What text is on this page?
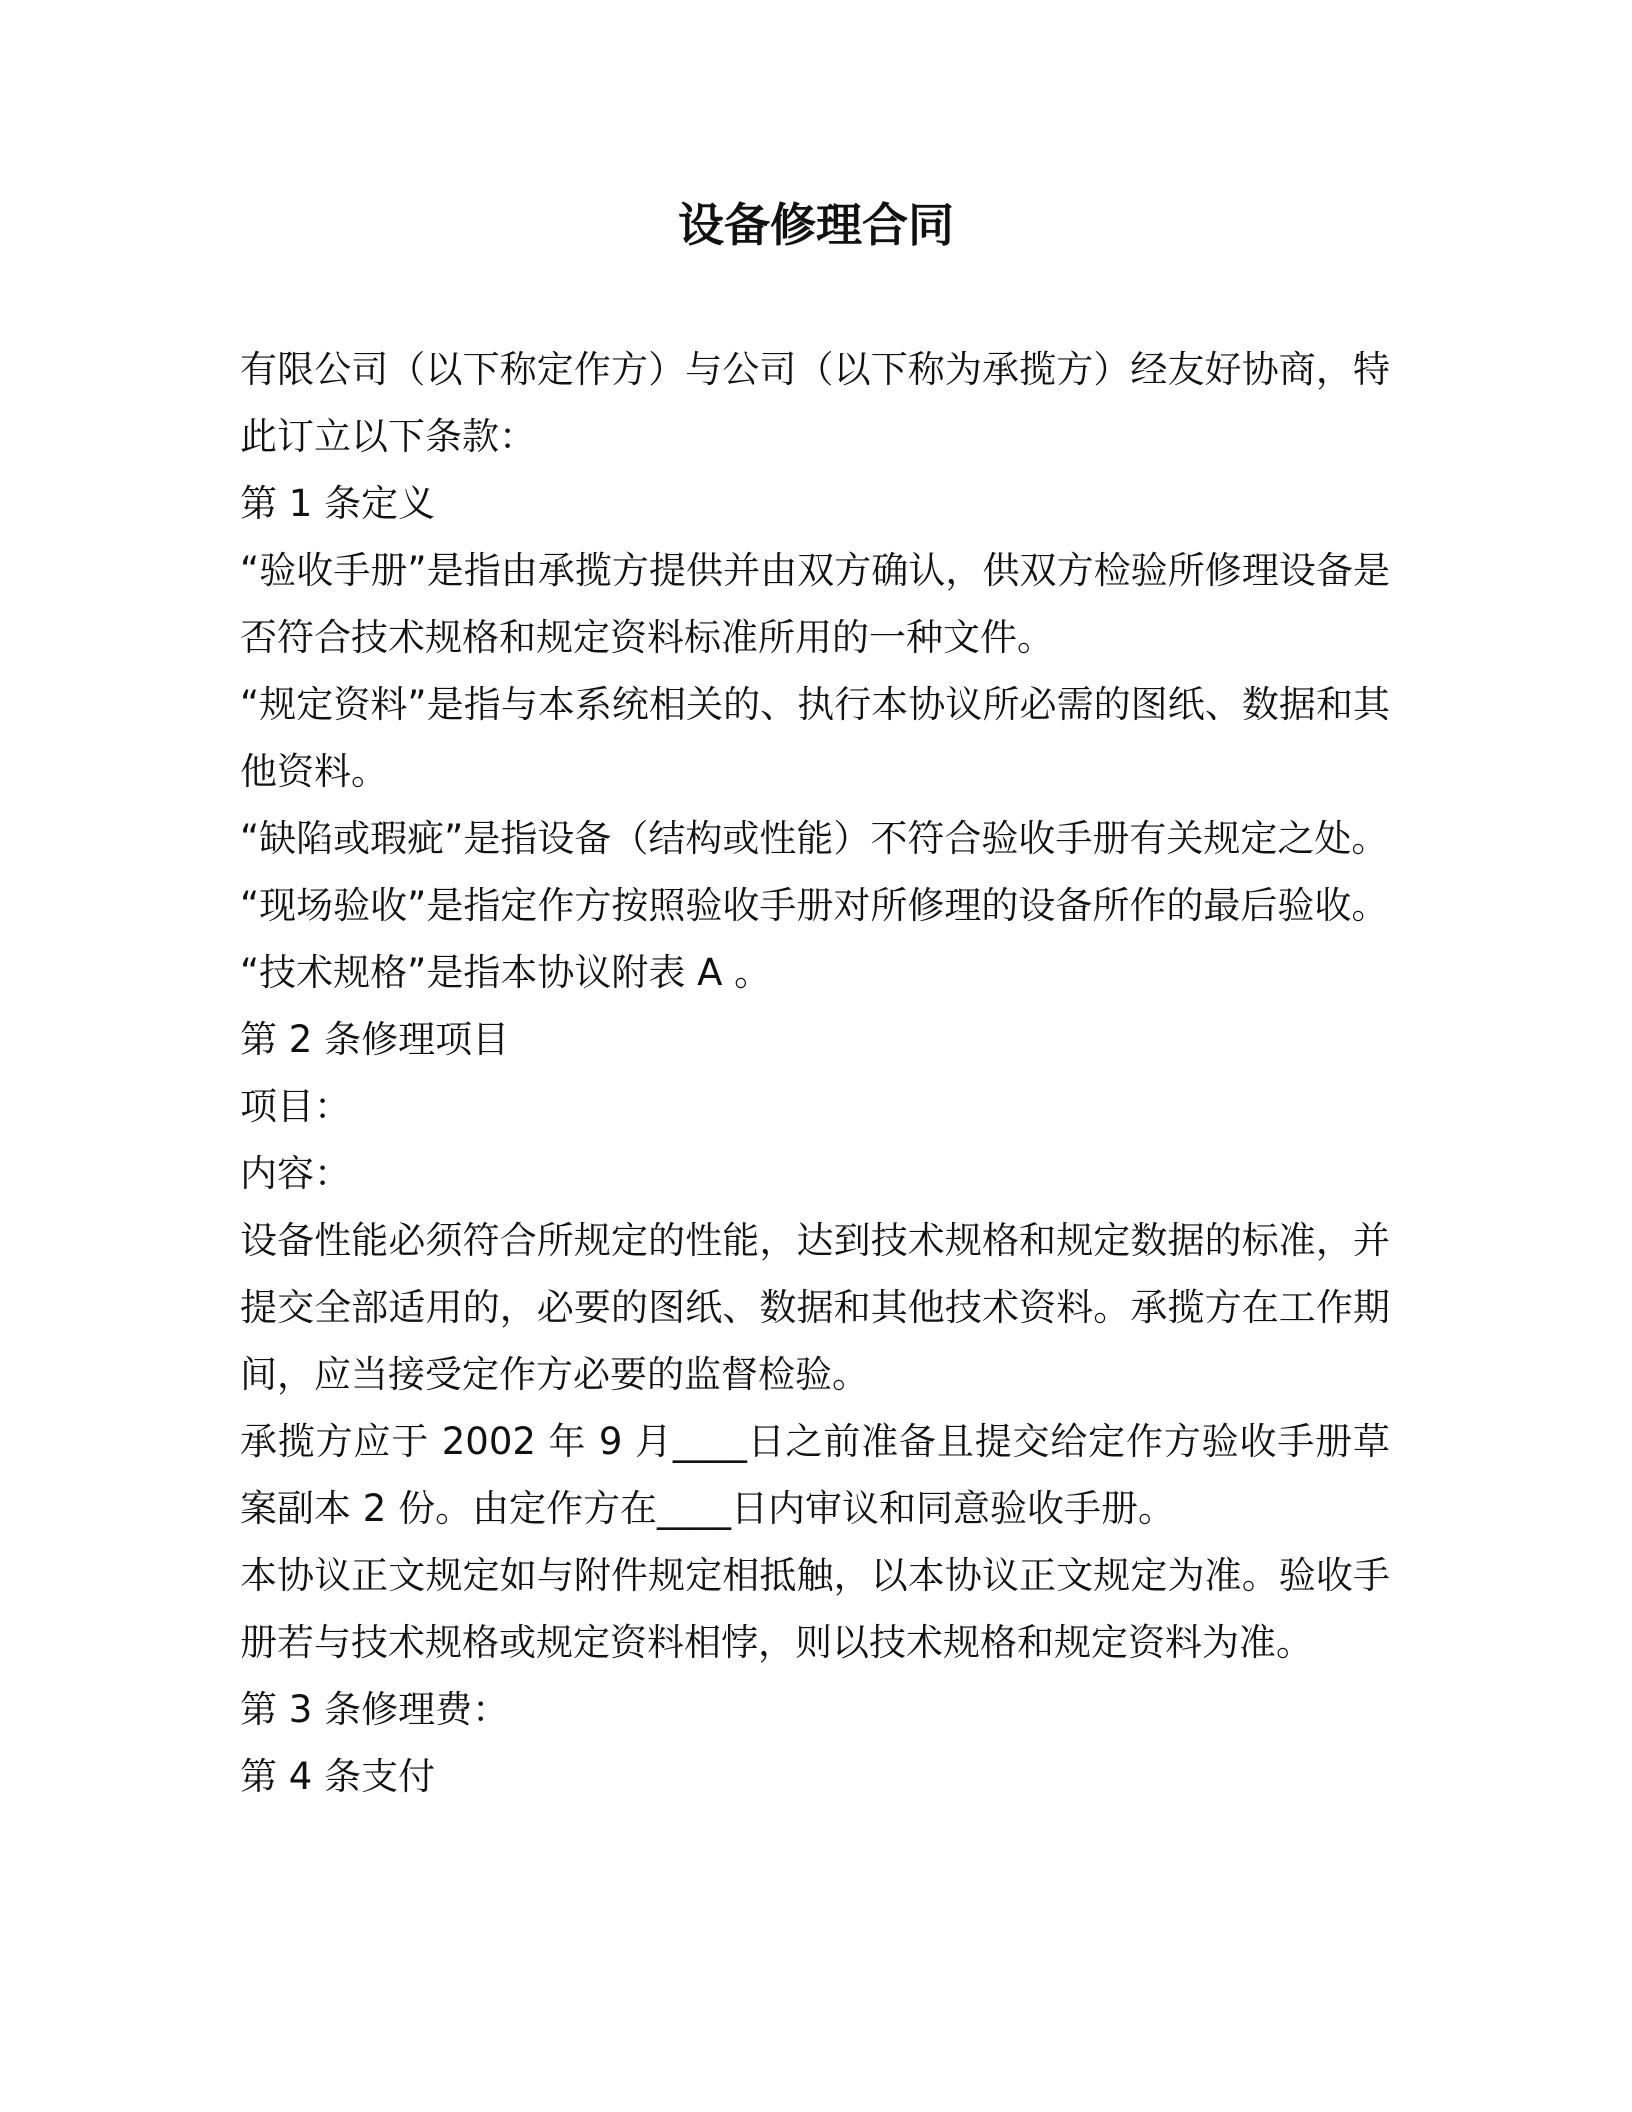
设备修理合同

有限公司（以下称定作方）与公司（以下称为承揽方）经友好协商，特此订立以下条款：

第 1 条定义

“验收手册”是指由承揽方提供并由双方确认，供双方检验所修理设备是否符合技术规格和规定资料标准所用的一种文件。

“规定资料”是指与本系统相关的、执行本协议所必需的图纸、数据和其他资料。

“缺陷或瑕疵”是指设备（结构或性能）不符合验收手册有关规定之处。

“现场验收”是指定作方按照验收手册对所修理的设备所作的最后验收。

“技术规格”是指本协议附表 A 。

第 2 条修理项目

项目：

内容：

设备性能必须符合所规定的性能，达到技术规格和规定数据的标准，并提交全部适用的，必要的图纸、数据和其他技术资料。承揽方在工作期间，应当接受定作方必要的监督检验。

承揽方应于 2002 年 9 月____日之前准备且提交给定作方验收手册草案副本 2 份。由定作方在____日内审议和同意验收手册。

本协议正文规定如与附件规定相抵触，以本协议正文规定为准。验收手册若与技术规格或规定资料相悖，则以技术规格和规定资料为准。

第 3 条修理费：

第 4 条支付
